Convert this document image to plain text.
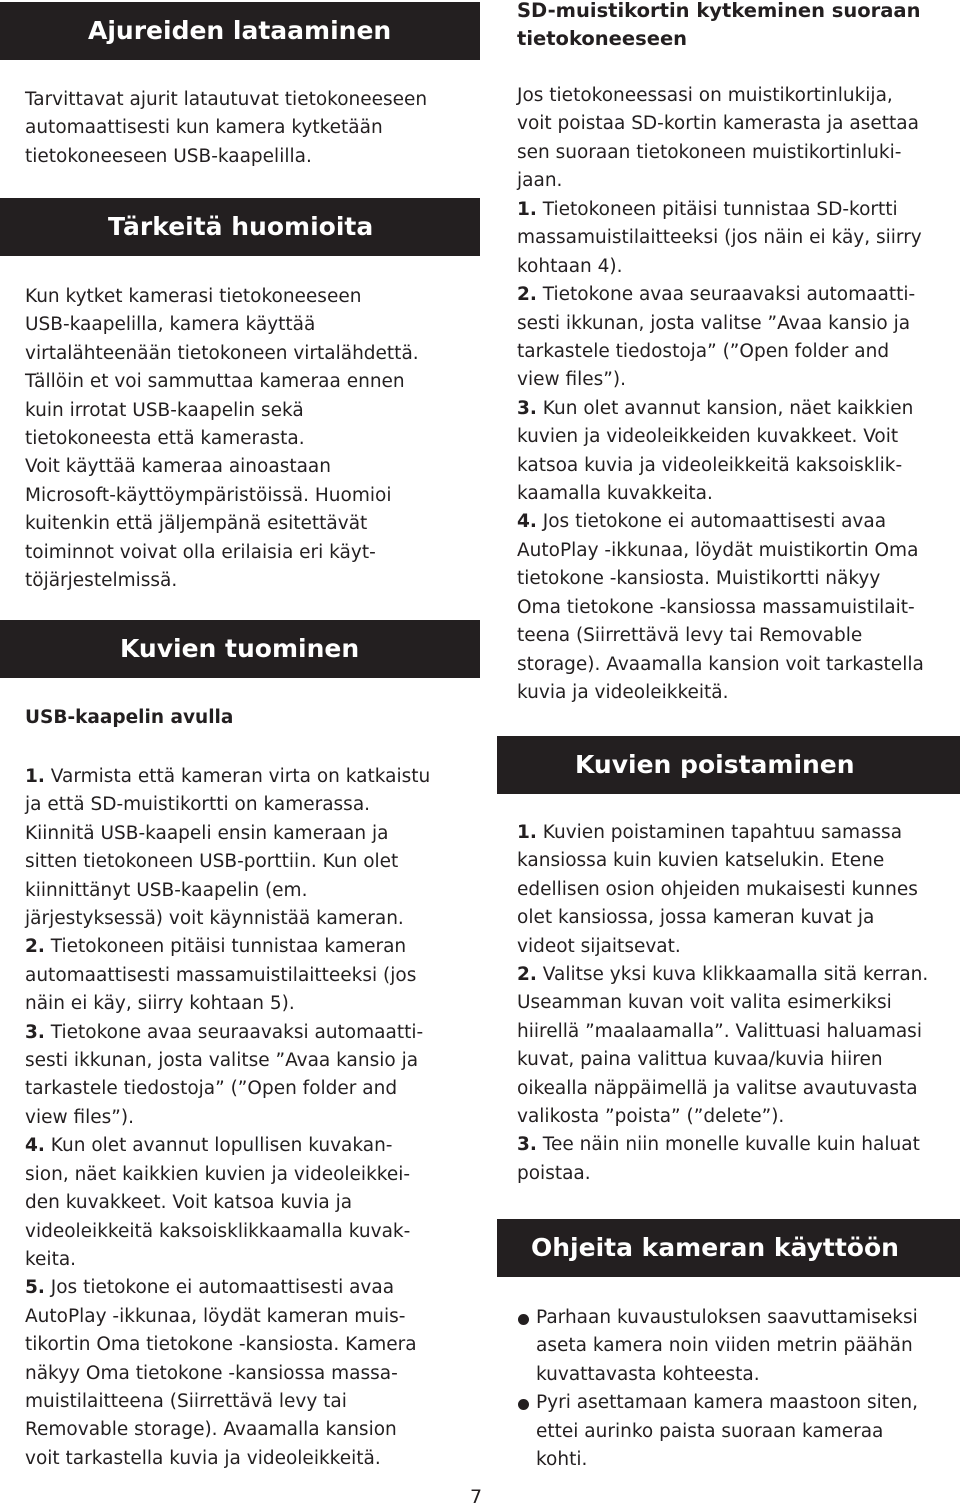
Ajureiden lataaminen

Tarvittavat ajurit latautuvat tietokoneeseen
automaattisesti kun kamera kytketään
tietokoneeseen USB-kaapelilla.

Tärkeitä huomioita

Kun kytket kamerasi tietokoneeseen
USB-kaapelilla, kamera käyttää
virtalähteenään tietokoneen virtalähdettä.
Tällöin et voi sammuttaa kameraa ennen
kuin irrotat USB-kaapelin sekä
tietokoneesta että kamerasta.
Voit käyttää kameraa ainoastaan
Microsoft-käyttöympäristöissä. Huomioi
kuitenkin että jäljempänä esitettävät
toiminnot voivat olla erilaisia eri käyt-
töjärjestelmissä.

Kuvien tuominen

USB-kaapelin avulla

1. Varmista että kameran virta on katkaistu
ja että SD-muistikortti on kamerassa.
Kiinnitä USB-kaapeli ensin kameraan ja
sitten tietokoneen USB-porttiin. Kun olet
kiinnittänyt USB-kaapelin (em.
järjestyksessä) voit käynnistää kameran.

2. Tietokoneen pitäisi tunnistaa kameran
automaattisesti massamuistilaitteeksi (jos
näin ei käy, siirry kohtaan 5).

3. Tietokone avaa seuraavaksi automaatti-
sesti ikkunan, josta valitse ”Avaa kansio ja
tarkastele tiedostoja” (”Open folder and
view files”).

4. Kun olet avannut lopullisen kuvakan-
sion, näet kaikkien kuvien ja videoleikkei-
den kuvakkeet. Voit katsoa kuvia ja
videoleikkeitä kaksoisklikkaamalla kuvak-
keita.

5. Jos tietokone ei automaattisesti avaa
AutoPlay -ikkunaa, löydät kameran muis-
tikortin Oma tietokone -kansiosta. Kamera
näkyy Oma tietokone -kansiossa massa-
muistilaitteena (Siirrettävä levy tai
Removable storage). Avaamalla kansion
voit tarkastella kuvia ja videoleikkeitä.

SD-muistikortin kytkeminen suoraan
tietokoneeseen

Jos tietokoneessasi on muistikortinlukija,
voit poistaa SD-kortin kamerasta ja asettaa
sen suoraan tietokoneen muistikortinluki-
jaan.

1. Tietokoneen pitäisi tunnistaa SD-kortti
massamuistilaitteeksi (jos näin ei käy, siirry
kohtaan 4).

2. Tietokone avaa seuraavaksi automaatti-
sesti ikkunan, josta valitse ”Avaa kansio ja
tarkastele tiedostoja” (”Open folder and
view files”).

3. Kun olet avannut kansion, näet kaikkien
kuvien ja videoleikkeiden kuvakkeet. Voit
katsoa kuvia ja videoleikkeitä kaksoisklik-
kaamalla kuvakkeita.

4. Jos tietokone ei automaattisesti avaa
AutoPlay -ikkunaa, löydät muistikortin Oma
tietokone -kansiosta. Muistikortti näkyy
Oma tietokone -kansiossa massamuistilait-
teena (Siirrettävä levy tai Removable
storage). Avaamalla kansion voit tarkastella
kuvia ja videoleikkeitä.

Kuvien poistaminen

1. Kuvien poistaminen tapahtuu samassa
kansiossa kuin kuvien katselukin. Etene
edellisen osion ohjeiden mukaisesti kunnes
olet kansiossa, jossa kameran kuvat ja
videot sijaitsevat.

2. Valitse yksi kuva klikkaamalla sitä kerran.
Useamman kuvan voit valita esimerkiksi
hiirellä ”maalaamalla”. Valittuasi haluamasi
kuvat, paina valittua kuvaa/kuvia hiiren
oikealla näppäimellä ja valitse avautuvasta
valikosta ”poista” (”delete”).

3. Tee näin niin monelle kuvalle kuin haluat
poistaa.

Ohjeita kameran käyttöön

Parhaan kuvaustuloksen saavuttamiseksi
aseta kamera noin viiden metrin päähän
kuvattavasta kohteesta.

Pyri asettamaan kamera maastoon siten,
ettei aurinko paista suoraan kameraa
kohti.

7
